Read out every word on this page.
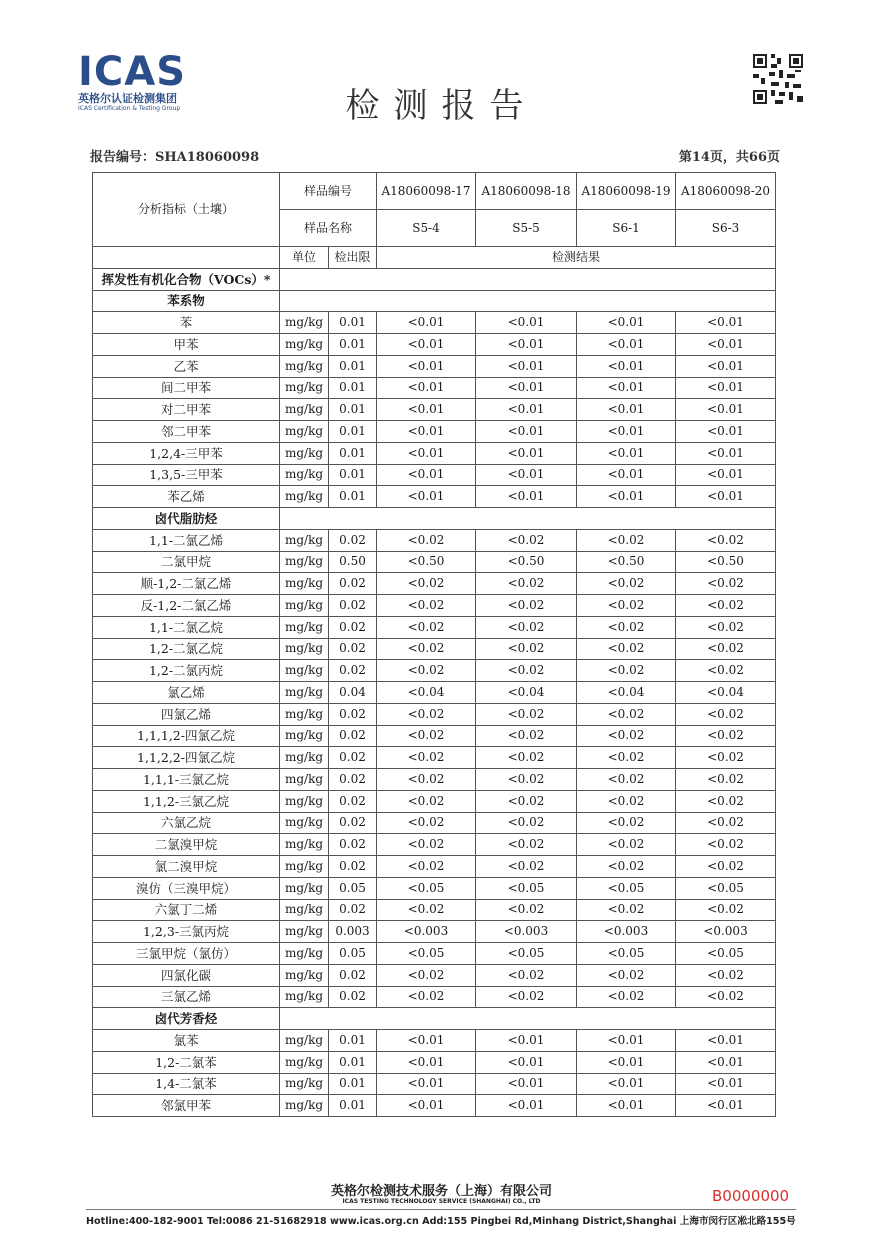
ICAS
英格尔认证检测集团
ICAS Certification & Testing Group	检测报告
报告编号：SHA18060098	第14页，共66页
分析指标（土壤）	样品编号		A18060098-17	A18060098-18	A18060098-19	A18060098-20
	样品名称		S5-4	S5-5	S6-1	S6-3
	单位	检出限	检测结果			
挥发性有机化合物（VOCs）*						
苯系物						
苯	mg/kg	0.01	<0.01	<0.01	<0.01	<0.01
甲苯	mg/kg	0.01	<0.01	<0.01	<0.01	<0.01
乙苯	mg/kg	0.01	<0.01	<0.01	<0.01	<0.01
间二甲苯	mg/kg	0.01	<0.01	<0.01	<0.01	<0.01
对二甲苯	mg/kg	0.01	<0.01	<0.01	<0.01	<0.01
邻二甲苯	mg/kg	0.01	<0.01	<0.01	<0.01	<0.01
1,2,4-三甲苯	mg/kg	0.01	<0.01	<0.01	<0.01	<0.01
1,3,5-三甲苯	mg/kg	0.01	<0.01	<0.01	<0.01	<0.01
苯乙烯	mg/kg	0.01	<0.01	<0.01	<0.01	<0.01
卤代脂肪烃						
1,1-二氯乙烯	mg/kg	0.02	<0.02	<0.02	<0.02	<0.02
二氯甲烷	mg/kg	0.50	<0.50	<0.50	<0.50	<0.50
顺-1,2-二氯乙烯	mg/kg	0.02	<0.02	<0.02	<0.02	<0.02
反-1,2-二氯乙烯	mg/kg	0.02	<0.02	<0.02	<0.02	<0.02
1,1-二氯乙烷	mg/kg	0.02	<0.02	<0.02	<0.02	<0.02
1,2-二氯乙烷	mg/kg	0.02	<0.02	<0.02	<0.02	<0.02
1,2-二氯丙烷	mg/kg	0.02	<0.02	<0.02	<0.02	<0.02
氯乙烯	mg/kg	0.04	<0.04	<0.04	<0.04	<0.04
四氯乙烯	mg/kg	0.02	<0.02	<0.02	<0.02	<0.02
1,1,1,2-四氯乙烷	mg/kg	0.02	<0.02	<0.02	<0.02	<0.02
1,1,2,2-四氯乙烷	mg/kg	0.02	<0.02	<0.02	<0.02	<0.02
1,1,1-三氯乙烷	mg/kg	0.02	<0.02	<0.02	<0.02	<0.02
1,1,2-三氯乙烷	mg/kg	0.02	<0.02	<0.02	<0.02	<0.02
六氯乙烷	mg/kg	0.02	<0.02	<0.02	<0.02	<0.02
二氯溴甲烷	mg/kg	0.02	<0.02	<0.02	<0.02	<0.02
氯二溴甲烷	mg/kg	0.02	<0.02	<0.02	<0.02	<0.02
溴仿（三溴甲烷）	mg/kg	0.05	<0.05	<0.05	<0.05	<0.05
六氯丁二烯	mg/kg	0.02	<0.02	<0.02	<0.02	<0.02
1,2,3-三氯丙烷	mg/kg	0.003	<0.003	<0.003	<0.003	<0.003
三氯甲烷（氯仿）	mg/kg	0.05	<0.05	<0.05	<0.05	<0.05
四氯化碳	mg/kg	0.02	<0.02	<0.02	<0.02	<0.02
三氯乙烯	mg/kg	0.02	<0.02	<0.02	<0.02	<0.02
卤代芳香烃						
氯苯	mg/kg	0.01	<0.01	<0.01	<0.01	<0.01
1,2-二氯苯	mg/kg	0.01	<0.01	<0.01	<0.01	<0.01
1,4-二氯苯	mg/kg	0.01	<0.01	<0.01	<0.01	<0.01
邻氯甲苯	mg/kg	0.01	<0.01	<0.01	<0.01	<0.01
英格尔检测技术服务（上海）有限公司
ICAS TESTING TECHNOLOGY SERVICE (SHANGHAI) CO., LTD	B0000000
Hotline:400-182-9001 Tel:0086 21-51682918 www.icas.org.cn Add:155 Pingbei Rd,Minhang District,Shanghai 上海市闵行区凇北路155号
